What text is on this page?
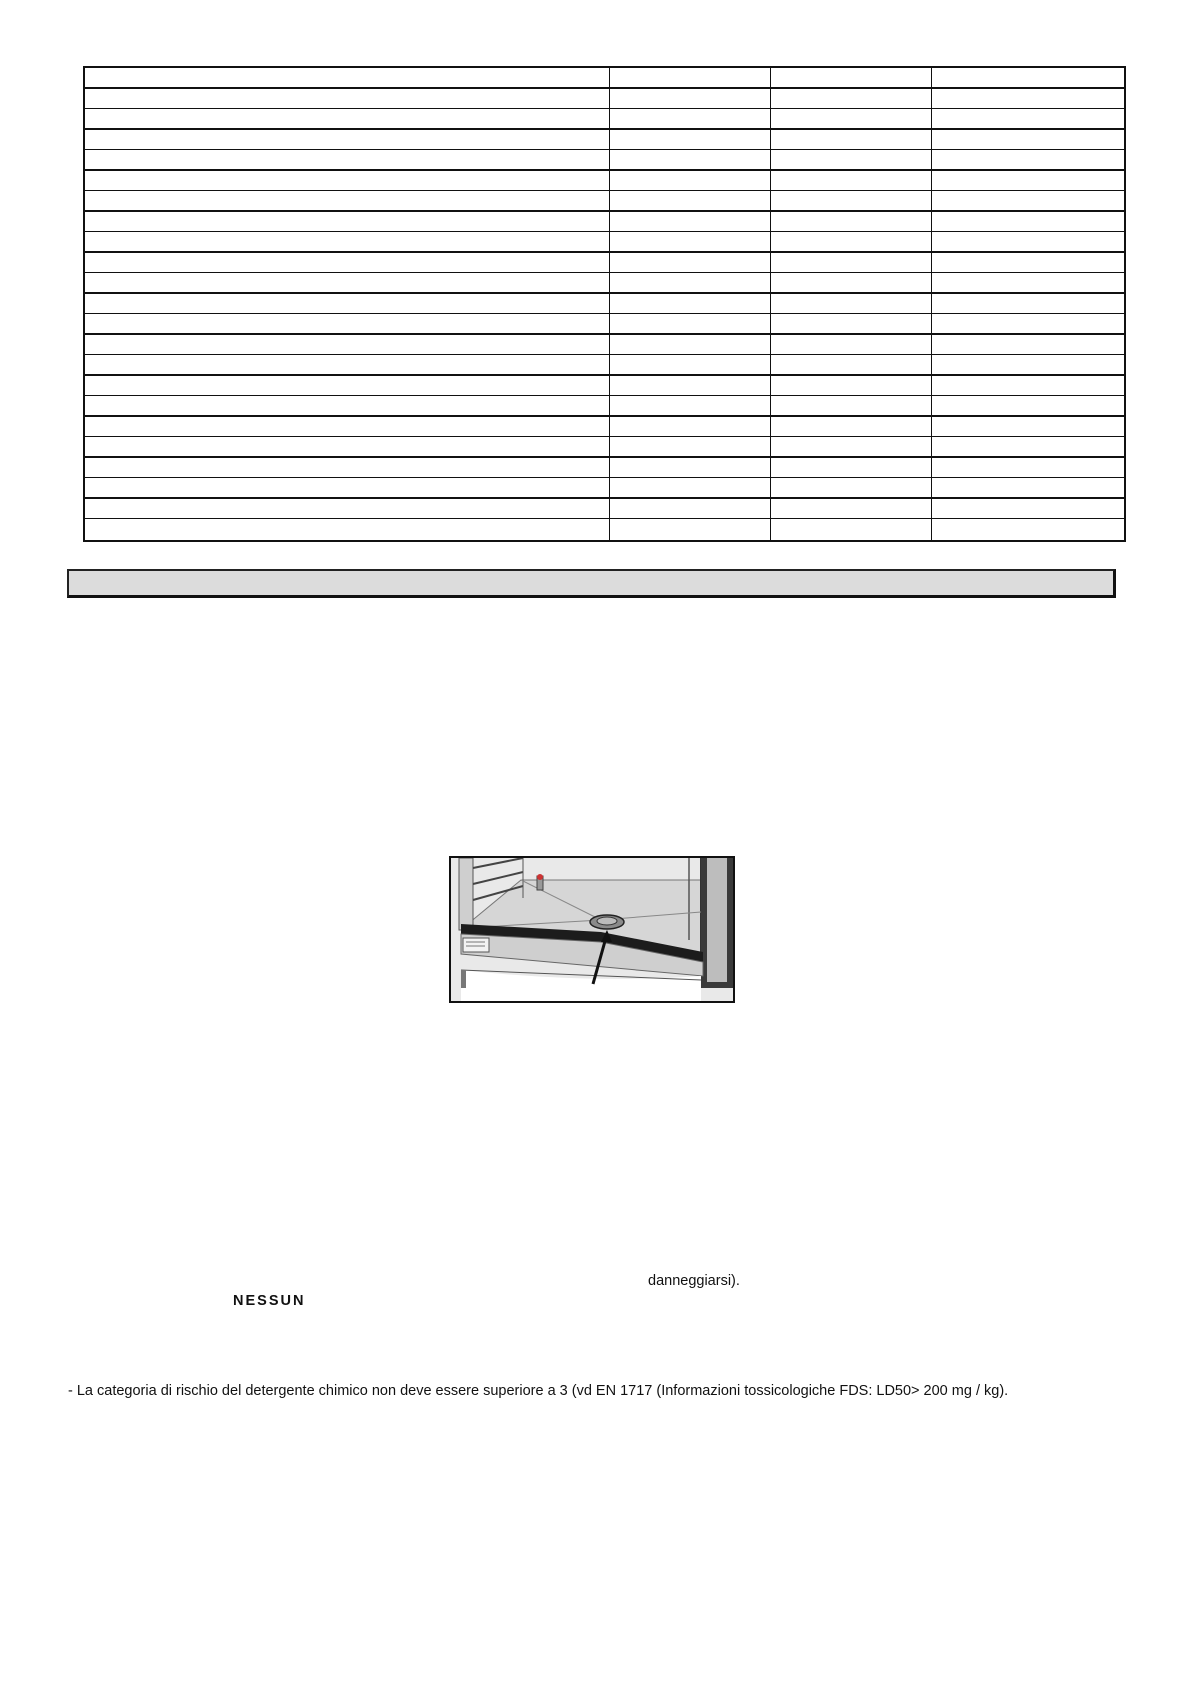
danneggiarsi).
NESSUN
- La categoria di rischio del detergente chimico non deve essere superiore a 3 (vd EN 1717 (Informazioni tossicologiche FDS: LD50> 200 mg / kg).
